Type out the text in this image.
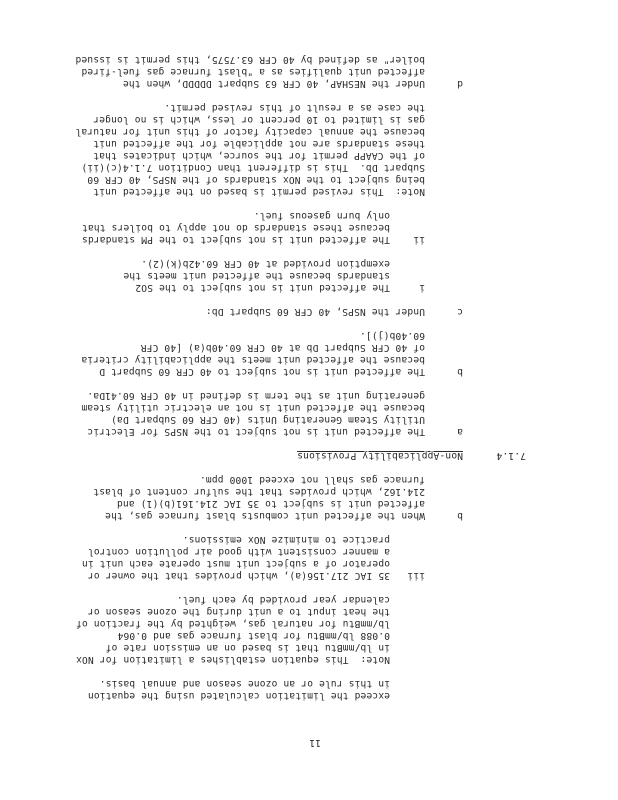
11
exceed the limitation calculated using the equation
in this rule or an ozone season and annual basis.
Note:  This equation establishes a limitation for NOx
in lb/mmBtu that is based on an emission rate of
0.088 lb/mmBtu for blast furnace gas and 0.064
lb/mmBtu for natural gas, weighted by the fraction of
the heat input to a unit during the ozone season or
calendar year provided by each fuel.
iii
35 IAC 217.156(a), which provides that the owner or
operator of a subject unit must operate each unit in
a manner consistent with good air pollution control
practice to minimize NOx emissions.
b
When the affected unit combusts blast furnace gas, the
affected unit is subject to 35 IAC 214.161(b)(1) and
214.162, which provides that the sulfur content of blast
furnace gas shall not exceed 1000 ppm.
7.1.4
Non-Applicability Provisions
a
The affected unit is not subject to the NSPS for Electric
Utility Steam Generating Units (40 CFR 60 Subpart Da)
because the affected unit is not an electric utility steam
generating unit as the term is defined in 40 CFR 60.41Da.
b
The affected unit is not subject to 40 CFR 60 Subpart D
because the affected unit meets the applicability criteria
of 40 CFR Subpart Db at 40 CFR 60.40b(a) [40 CFR
60.40b(j)].
c
Under the NSPS, 40 CFR 60 Subpart Db:
i
The affected unit is not subject to the SO2
standards because the affected unit meets the
exemption provided at 40 CFR 60.42b(k)(2).
ii
The affected unit is not subject to the PM standards
because these standards do not apply to boilers that
only burn gaseous fuel.
Note:  This revised permit is based on the affected unit
being subject to the NOx standards of the NSPS, 40 CFR 60
Subpart Db.  This is different than Condition 7.1.4(c)(ii)
of the CAAPP permit for the source, which indicates that
these standards are not applicable for the affected unit
because the annual capacity factor of this unit for natural
gas is limited to 10 percent or less, which is no longer
the case as a result of this revised permit.
d
Under the NESHAP, 40 CFR 63 Subpart DDDDD, when the
affected unit qualifies as a "blast furnace gas fuel-fired
boiler" as defined by 40 CFR 63.7575, this permit is issued
